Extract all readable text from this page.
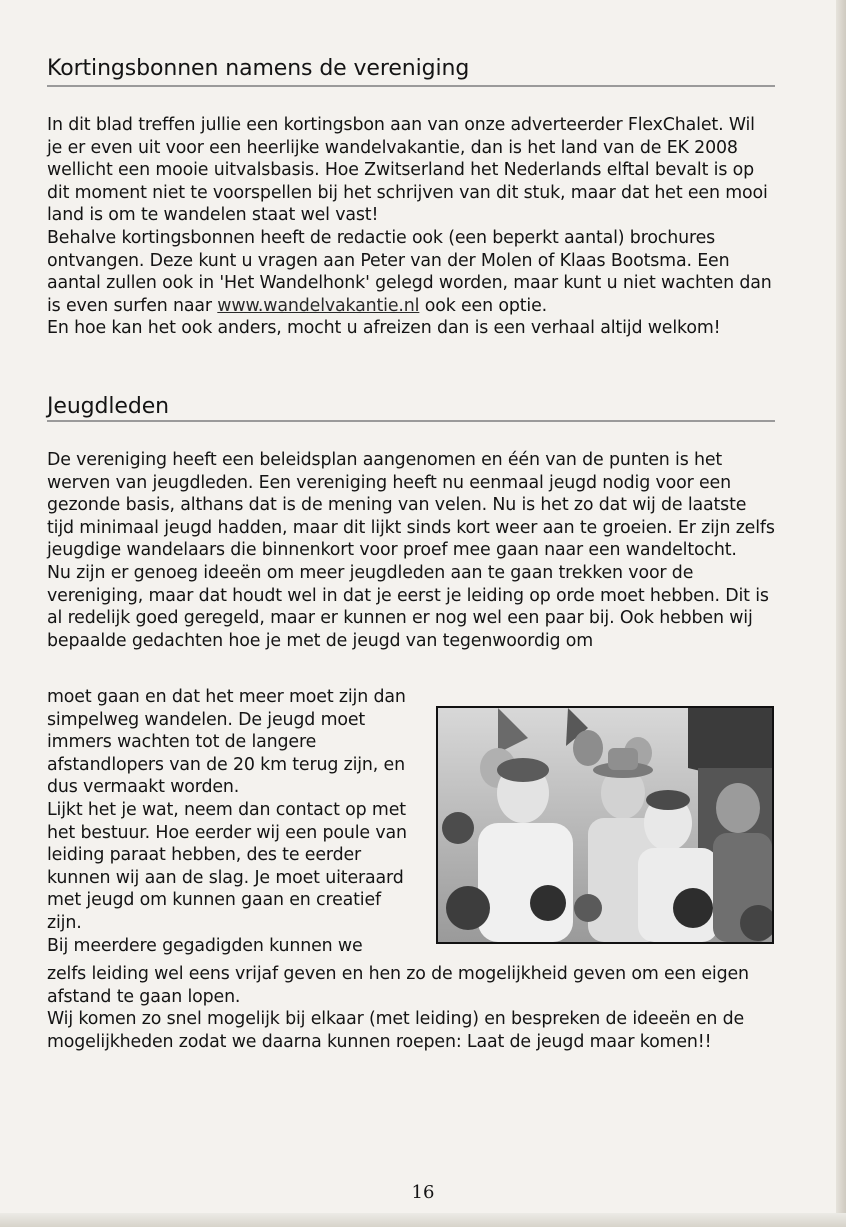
Kortingsbonnen namens de vereniging

In dit blad treffen jullie een kortingsbon aan van onze adverteerder FlexChalet. Wil je er even uit voor een heerlijke wandelvakantie, dan is het land van de EK 2008 wellicht een mooie uitvalsbasis. Hoe Zwitserland het Nederlands elftal bevalt is op dit moment niet te voorspellen bij het schrijven van dit stuk, maar dat het een mooi land is om te wandelen staat wel vast!

Behalve kortingsbonnen heeft de redactie ook (een beperkt aantal) brochures ontvangen. Deze kunt u vragen aan Peter van der Molen of Klaas Bootsma. Een aantal zullen ook in 'Het Wandelhonk' gelegd worden, maar kunt u niet wachten dan is even surfen naar www.wandelvakantie.nl ook een optie.

En hoe kan het ook anders, mocht u afreizen dan is een verhaal altijd welkom!

Jeugdleden

De vereniging heeft een beleidsplan aangenomen en één van de punten is het werven van jeugdleden. Een vereniging heeft nu eenmaal jeugd nodig voor een gezonde basis, althans dat is de mening van velen. Nu is het zo dat wij de laatste tijd minimaal jeugd hadden, maar dit lijkt sinds kort weer aan te groeien. Er zijn zelfs jeugdige wandelaars die binnenkort voor proef mee gaan naar een wandeltocht.

Nu zijn er genoeg ideeën om meer jeugdleden aan te gaan trekken voor de vereniging, maar dat houdt wel in dat je eerst je leiding op orde moet hebben. Dit is al redelijk goed geregeld, maar er kunnen er nog wel een paar bij. Ook hebben wij bepaalde gedachten hoe je met de jeugd van tegenwoordig om

moet gaan en dat het meer moet zijn dan simpelweg wandelen. De jeugd moet immers wachten tot de langere afstandlopers van de 20 km terug zijn, en dus vermaakt worden.

Lijkt het je wat, neem dan contact op met het bestuur. Hoe eerder wij een poule van leiding paraat hebben, des te eerder kunnen wij aan de slag. Je moet uiteraard met jeugd om kunnen gaan en creatief zijn.

Bij meerdere gegadigden kunnen we

zelfs leiding wel eens vrijaf geven en hen zo de mogelijkheid geven om een eigen afstand te gaan lopen.

Wij komen zo snel mogelijk bij elkaar (met leiding) en bespreken de ideeën en de mogelijkheden zodat we daarna kunnen roepen: Laat de jeugd maar komen!!

16
